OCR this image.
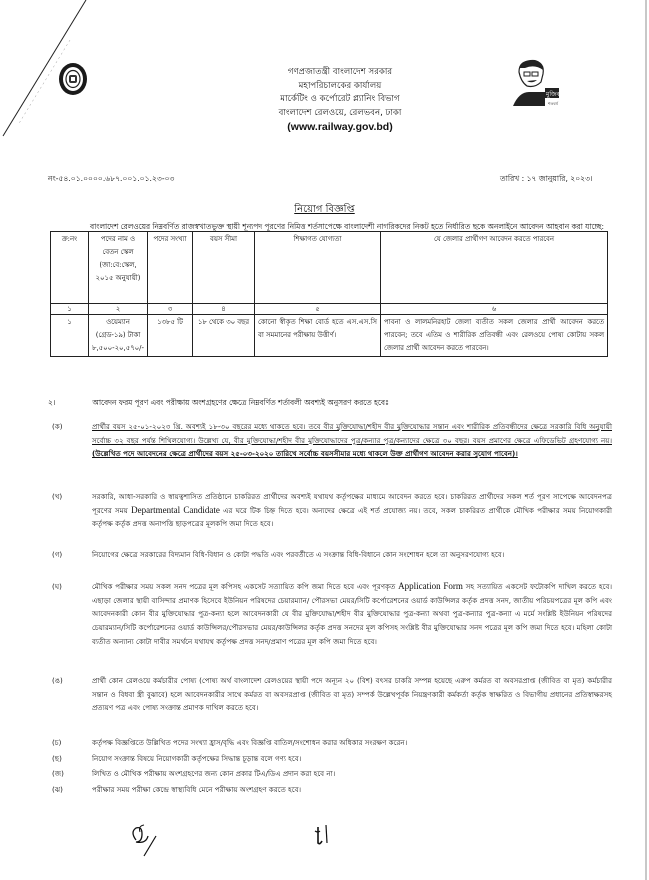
মুজিব
শতবর্ষ
গণপ্রজাতন্ত্রী বাংলাদেশ সরকার
মহাপরিচালকের কার্যালয়
মার্কেটিং ও কর্পোরেট প্ল্যানিং বিভাগ
বাংলাদেশ রেলওয়ে, রেলভবন, ঢাকা
(www.railway.gov.bd)
নং-৫৪.০১.০০০০.৬৮৭.০০১.০১.২৩-০৩	তারিখ : ১৭ জানুয়ারি, ২০২৩।
নিয়োগ বিজ্ঞপ্তি
বাংলাদেশ রেলওয়ের নিম্নবর্ণিত রাজস্বখাতভুক্ত স্থায়ী শূন্যপদ পূরণের নিমিত্ত শর্তসাপেক্ষে বাংলাদেশী নাগরিকদের নিকট হতে নির্ধারিত ছকে অনলাইনে আবেদন আহবান করা যাচ্ছে:
ক্র:নং	পদের নাম ও বেতন স্কেল (জা:বে:স্কেল, ২০১৫ অনুযায়ী)	পদের সংখ্যা	বয়স সীমা	শিক্ষাগত যোগ্যতা	যে জেলার প্রার্থীগণ আবেদন করতে পারবেন
১	২	৩	৪	৫	৬
১	ওয়েম্যান (গ্রেড-১৯) টাকা ৮,৫০০-২০,৫৭০/-	১৩৮৫ টি	১৮ থেকে ৩০ বছর	কোনো স্বীকৃত শিক্ষা বোর্ড হতে এস.এস.সি বা সমমানের পরীক্ষায় উত্তীর্ণ।	পাবনা ও লালমনিরহাট জেলা ব্যতীত সকল জেলার প্রার্থী আবেদন করতে পারবেন; তবে এতিম ও শারীরিক প্রতিবন্ধী এবং রেলওয়ে পোষ্য কোটায় সকল জেলার প্রার্থী আবেদন করতে পারবেন।
২।	আবেদন ফরম পূরণ এবং পরীক্ষায় অংশগ্রহণের ক্ষেত্রে নিম্নবর্ণিত শর্তাবলী অবশ্যই অনুসরণ করতে হবেঃ
(ক)	প্রার্থীর বয়স ২৫-০১-২০২৩ খ্রি. অবশ্যই ১৮-৩০ বছরের মধ্যে থাকতে হবে। তবে বীর মুক্তিযোদ্ধা/শহীদ বীর মুক্তিযোদ্ধার সন্তান এবং শারীরিক প্রতিবন্ধীদের ক্ষেত্রে সরকারি বিধি অনুযায়ী সর্বোচ্চ ৩২ বছর পর্যন্ত শিথিলযোগ্য। উল্লেখ্য যে, বীর মুক্তিযোদ্ধা/শহীদ বীর মুক্তিযোদ্ধাদের পুত্র/কন্যার পুত্র/কন্যাদের ক্ষেত্রে ৩০ বছর। বয়স প্রমাণের ক্ষেত্রে এফিডেভিট গ্রহণযোগ্য নয়। (উল্লেখিত পদে আবেদনের ক্ষেত্রে প্রার্থীদের বয়স ২৫-০৩-২০২০ তারিখে সর্বোচ্চ বয়সসীমার মধ্যে থাকলে উক্ত প্রার্থীগণ আবেদন করার সুযোগ পাবেন)।
(খ)	সরকারি, আধা-সরকারি ও স্বায়ত্বশাসিত প্রতিষ্ঠানে চাকরিরত প্রার্থীদের অবশ্যই যথাযথ কর্তৃপক্ষের মাধ্যমে আবেদন করতে হবে। চাকরিরত প্রার্থীদের সকল শর্ত পূরণ সাপেক্ষে আবেদনপত্র পূরণের সময় Departmental Candidate এর ঘরে টিক চিহ্ন দিতে হবে। অন্যদের ক্ষেত্রে এই শর্ত প্রযোজ্য নয়। তবে, সকল চাকরিরত প্রার্থীকে মৌখিক পরীক্ষার সময় নিয়োগকারী কর্তৃপক্ষ কর্তৃক প্রদত্ত অনাপত্তি ছাড়পত্রের মূলকপি জমা দিতে হবে।
(গ)	নিয়োগের ক্ষেত্রে সরকারের বিদ্যমান বিধি-বিধান ও কোটা পদ্ধতি এবং পরবর্তীতে এ সংক্রান্ত বিধি-বিধানে কোন সংশোধন হলে তা অনুসরণযোগ্য হবে।
(ঘ)	মৌখিক পরীক্ষার সময় সকল সনদ পত্রের মূল কপিসহ একসেট সত্যায়িত কপি জমা দিতে হবে এবং পূরণকৃত Application Form সহ সত্যায়িত একসেট ফটোকপি দাখিল করতে হবে। এছাড়া জেলার স্থায়ী বাসিন্দার প্রমাণক হিসেবে ইউনিয়ন পরিষদের চেয়ারম্যান/ পৌরসভা মেয়র/সিটি কর্পোরেশনের ওয়ার্ড কাউন্সিলর কর্তৃক প্রদত্ত সনদ, জাতীয় পরিচয়পত্রের মূল কপি এবং আবেদনকারী কোন বীর মুক্তিযোদ্ধার পুত্র-কন্যা হলে আবেদনকারী যে বীর মুক্তিযোদ্ধা/শহীদ বীর মুক্তিযোদ্ধার পুত্র-কন্যা অথবা পুত্র-কন্যার পুত্র-কন্যা এ মর্মে সংশ্লিষ্ট ইউনিয়ন পরিষদের চেয়ারম্যান/সিটি কর্পোরেশনের ওয়ার্ড কাউন্সিলর/পৌরসভার মেয়র/কাউন্সিলর কর্তৃক প্রদত্ত সনদের মূল কপিসহ সংশ্লিষ্ট বীর মুক্তিযোদ্ধার সনদ পত্রের মূল কপি জমা দিতে হবে। মহিলা কোটা ব্যতীত অন্যান্য কোটা দাবীর সমর্থনে যথাযথ কর্তৃপক্ষ প্রদত্ত সনদ/প্রমাণ পত্রের মূল কপি জমা দিতে হবে।
(ঙ)	প্রার্থী কোন রেলওয়ে কর্মচারীর পোষ্য (পোষ্য অর্থ বাংলাদেশ রেলওয়ের স্থায়ী পদে অন্যূন ২০ (বিশ) বৎসর চাকরি সম্পন্ন হয়েছে এরুপ কর্মরত বা অবসরপ্রাপ্ত (জীবিত বা মৃত) কর্মচারীর সন্তান ও বিধবা স্ত্রী বুঝাবে) হলে আবেদনকারীর সাথে কর্মরত বা অবসরপ্রাপ্ত (জীবিত বা মৃত) সম্পর্ক উল্লেখপূর্বক নিয়ন্ত্রণকারী কর্মকর্তা কর্তৃক স্বাক্ষরিত ও বিভাগীয় প্রধানের প্রতিস্বাক্ষরসহ প্রত্যয়ণ পত্র এবং পোষ্য সংক্রান্ত প্রমাণক দাখিল করতে হবে।
(চ)	কর্তৃপক্ষ বিজ্ঞপ্তিতে উল্লিখিত পদের সংখ্যা হ্রাস/বৃদ্ধি এবং বিজ্ঞপ্তি বাতিল/সংশোধন করার অধিকার সংরক্ষণ করেন।
(ছ)	নিয়োগ সংক্রান্ত বিষয়ে নিয়োগকারী কর্তৃপক্ষের সিদ্ধান্ত চূড়ান্ত বলে গণ্য হবে।
(জ)	লিখিত ও মৌখিক পরীক্ষায় অংশগ্রহণের জন্য কোন প্রকার টিএ/ডিএ প্রদান করা হবে না।
(ঝ)	পরীক্ষার সময় পরীক্ষা কেন্দ্রে স্বাস্থ্যবিধি মেনে পরীক্ষায় অংশগ্রহণ করতে হবে।
